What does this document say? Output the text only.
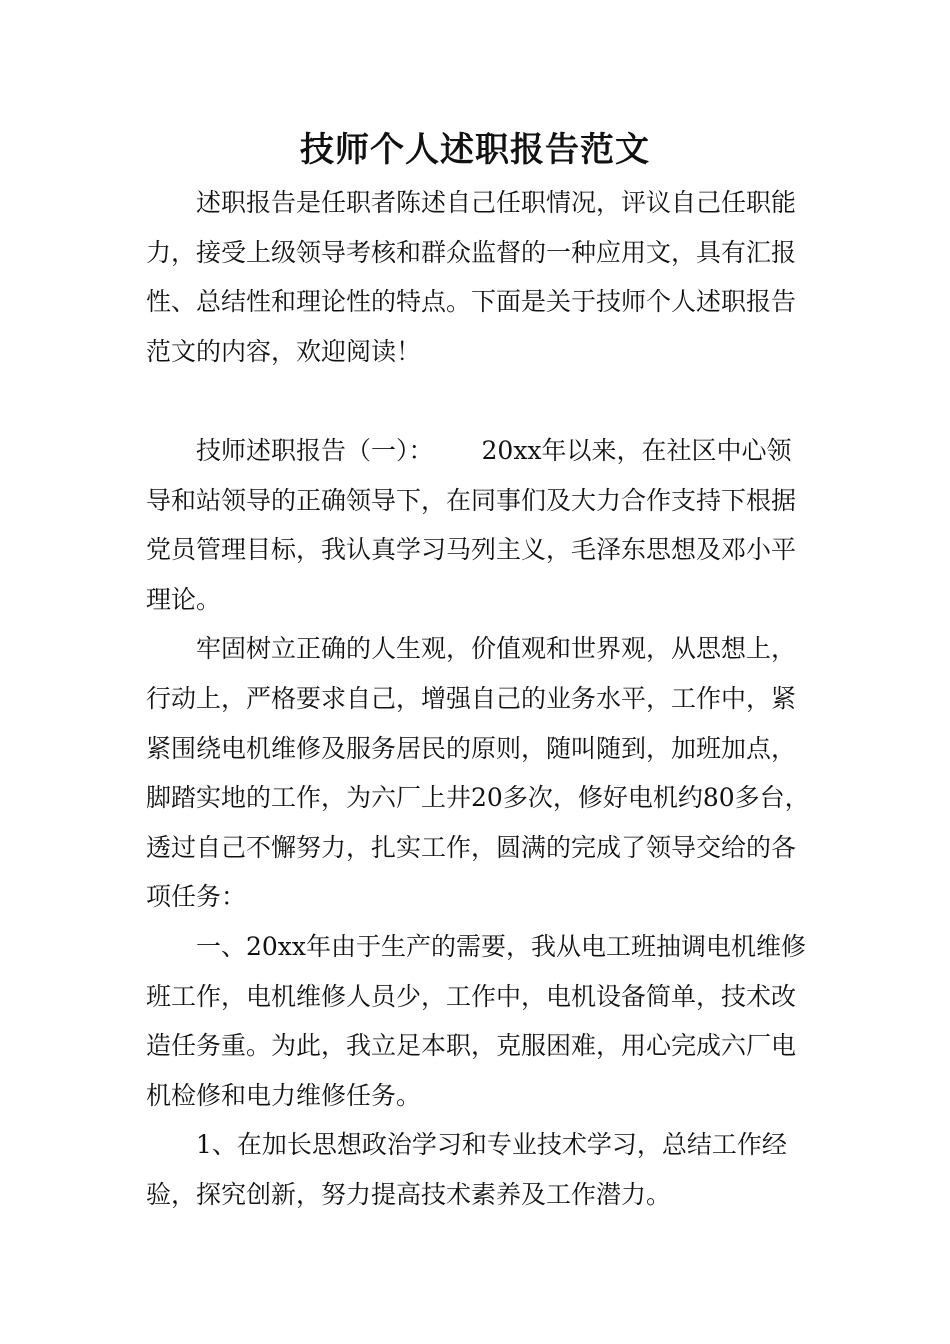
技师个人述职报告范文

述职报告是任职者陈述自己任职情况，评议自己任职能力，接受上级领导考核和群众监督的一种应用文，具有汇报性、总结性和理论性的特点。下面是关于技师个人述职报告范文的内容，欢迎阅读！

技师述职报告（一）： 20xx年以来，在社区中心领导和站领导的正确领导下，在同事们及大力合作支持下根据党员管理目标，我认真学习马列主义，毛泽东思想及邓小平理论。

牢固树立正确的人生观，价值观和世界观，从思想上，行动上，严格要求自己，增强自己的业务水平，工作中，紧紧围绕电机维修及服务居民的原则，随叫随到，加班加点，脚踏实地的工作，为六厂上井20多次，修好电机约80多台，透过自己不懈努力，扎实工作，圆满的完成了领导交给的各项任务：

一、20xx年由于生产的需要，我从电工班抽调电机维修班工作，电机维修人员少，工作中，电机设备简单，技术改造任务重。为此，我立足本职，克服困难，用心完成六厂电机检修和电力维修任务。

1、在加长思想政治学习和专业技术学习，总结工作经验，探究创新，努力提高技术素养及工作潜力。
